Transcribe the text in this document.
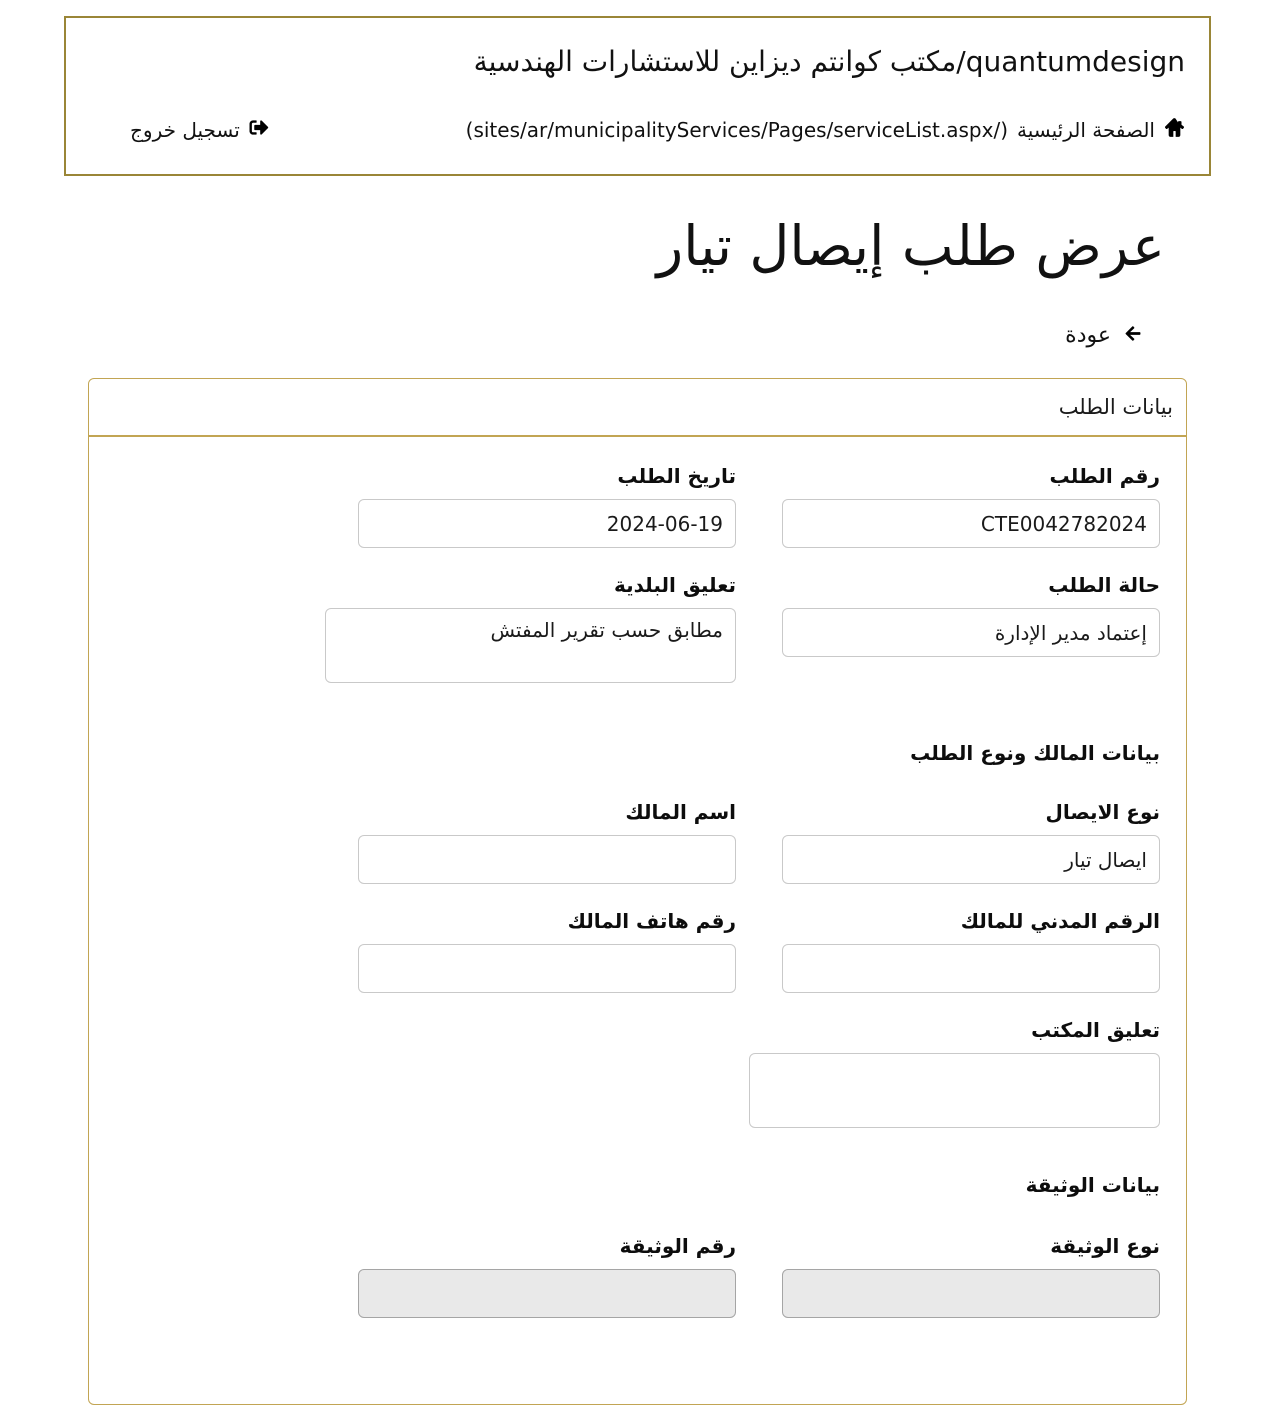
quantumdesign/مكتب كوانتم ديزاين للاستشارات الهندسية
الصفحة الرئيسية
(sites/ar/municipalityServices/Pages/serviceList.aspx/)
تسجيل خروج
عرض طلب إيصال تيار
عودة
بيانات الطلب
رقم الطلب
CTE0042782024
تاريخ الطلب
2024-06-19
حالة الطلب
إعتماد مدير الإدارة
تعليق البلدية
مطابق حسب تقرير المفتش
بيانات المالك ونوع الطلب
نوع الايصال
ايصال تيار
اسم المالك
الرقم المدني للمالك
رقم هاتف المالك
تعليق المكتب
بيانات الوثيقة
نوع الوثيقة
رقم الوثيقة
